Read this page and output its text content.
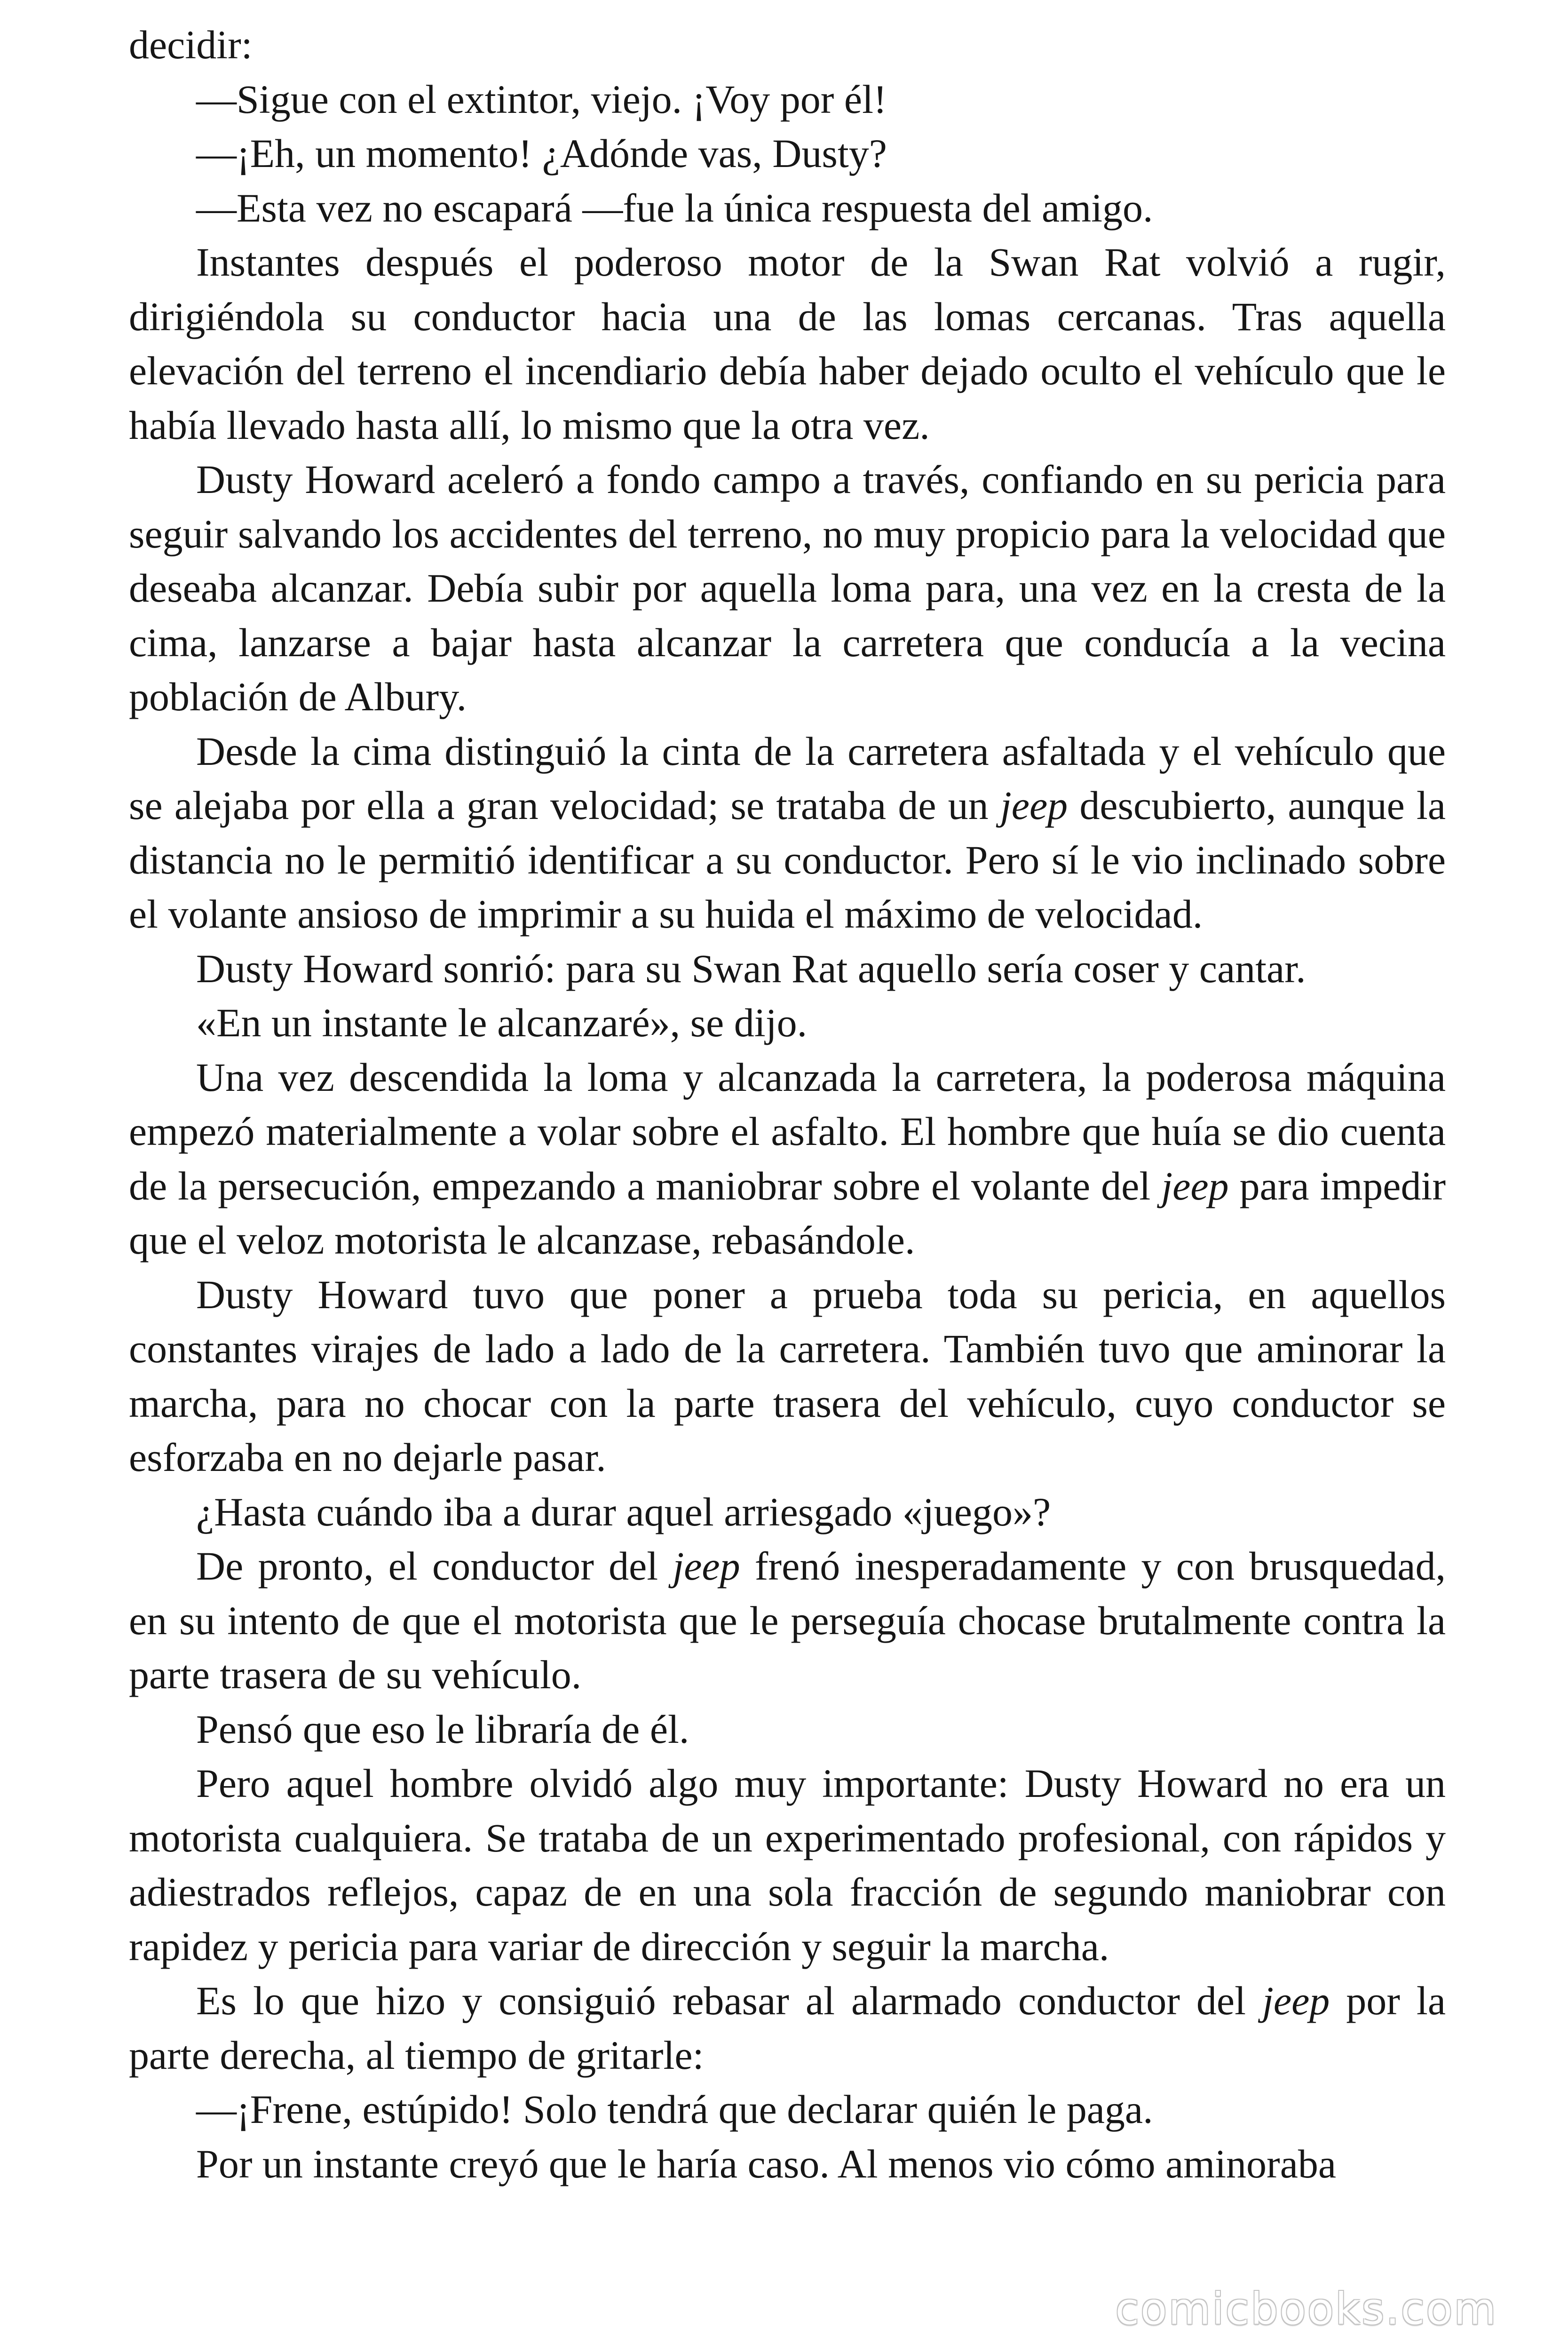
decidir:

—Sigue con el extintor, viejo. ¡Voy por él!

—¡Eh, un momento! ¿Adónde vas, Dusty?

—Esta vez no escapará —fue la única respuesta del amigo.

Instantes después el poderoso motor de la Swan Rat volvió a rugir, dirigiéndola su conductor hacia una de las lomas cercanas. Tras aquella elevación del terreno el incendiario debía haber dejado oculto el vehículo que le había llevado hasta allí, lo mismo que la otra vez.

Dusty Howard aceleró a fondo campo a través, confiando en su pericia para seguir salvando los accidentes del terreno, no muy propicio para la velocidad que deseaba alcanzar. Debía subir por aquella loma para, una vez en la cresta de la cima, lanzarse a bajar hasta alcanzar la carretera que conducía a la vecina población de Albury.

Desde la cima distinguió la cinta de la carretera asfaltada y el vehículo que se alejaba por ella a gran velocidad; se trataba de un jeep descubierto, aunque la distancia no le permitió identificar a su conductor. Pero sí le vio inclinado sobre el volante ansioso de imprimir a su huida el máximo de velocidad.

Dusty Howard sonrió: para su Swan Rat aquello sería coser y cantar.

«En un instante le alcanzaré», se dijo.

Una vez descendida la loma y alcanzada la carretera, la poderosa máquina empezó materialmente a volar sobre el asfalto. El hombre que huía se dio cuenta de la persecución, empezando a maniobrar sobre el volante del jeep para impedir que el veloz motorista le alcanzase, rebasándole.

Dusty Howard tuvo que poner a prueba toda su pericia, en aquellos constantes virajes de lado a lado de la carretera. También tuvo que aminorar la marcha, para no chocar con la parte trasera del vehículo, cuyo conductor se esforzaba en no dejarle pasar.

¿Hasta cuándo iba a durar aquel arriesgado «juego»?

De pronto, el conductor del jeep frenó inesperadamente y con brusquedad, en su intento de que el motorista que le perseguía chocase brutalmente contra la parte trasera de su vehículo.

Pensó que eso le libraría de él.

Pero aquel hombre olvidó algo muy importante: Dusty Howard no era un motorista cualquiera. Se trataba de un experimentado profesional, con rápidos y adiestrados reflejos, capaz de en una sola fracción de segundo maniobrar con rapidez y pericia para variar de dirección y seguir la marcha.

Es lo que hizo y consiguió rebasar al alarmado conductor del jeep por la parte derecha, al tiempo de gritarle:

—¡Frene, estúpido! Solo tendrá que declarar quién le paga.

Por un instante creyó que le haría caso. Al menos vio cómo aminoraba

comicbooks.com
